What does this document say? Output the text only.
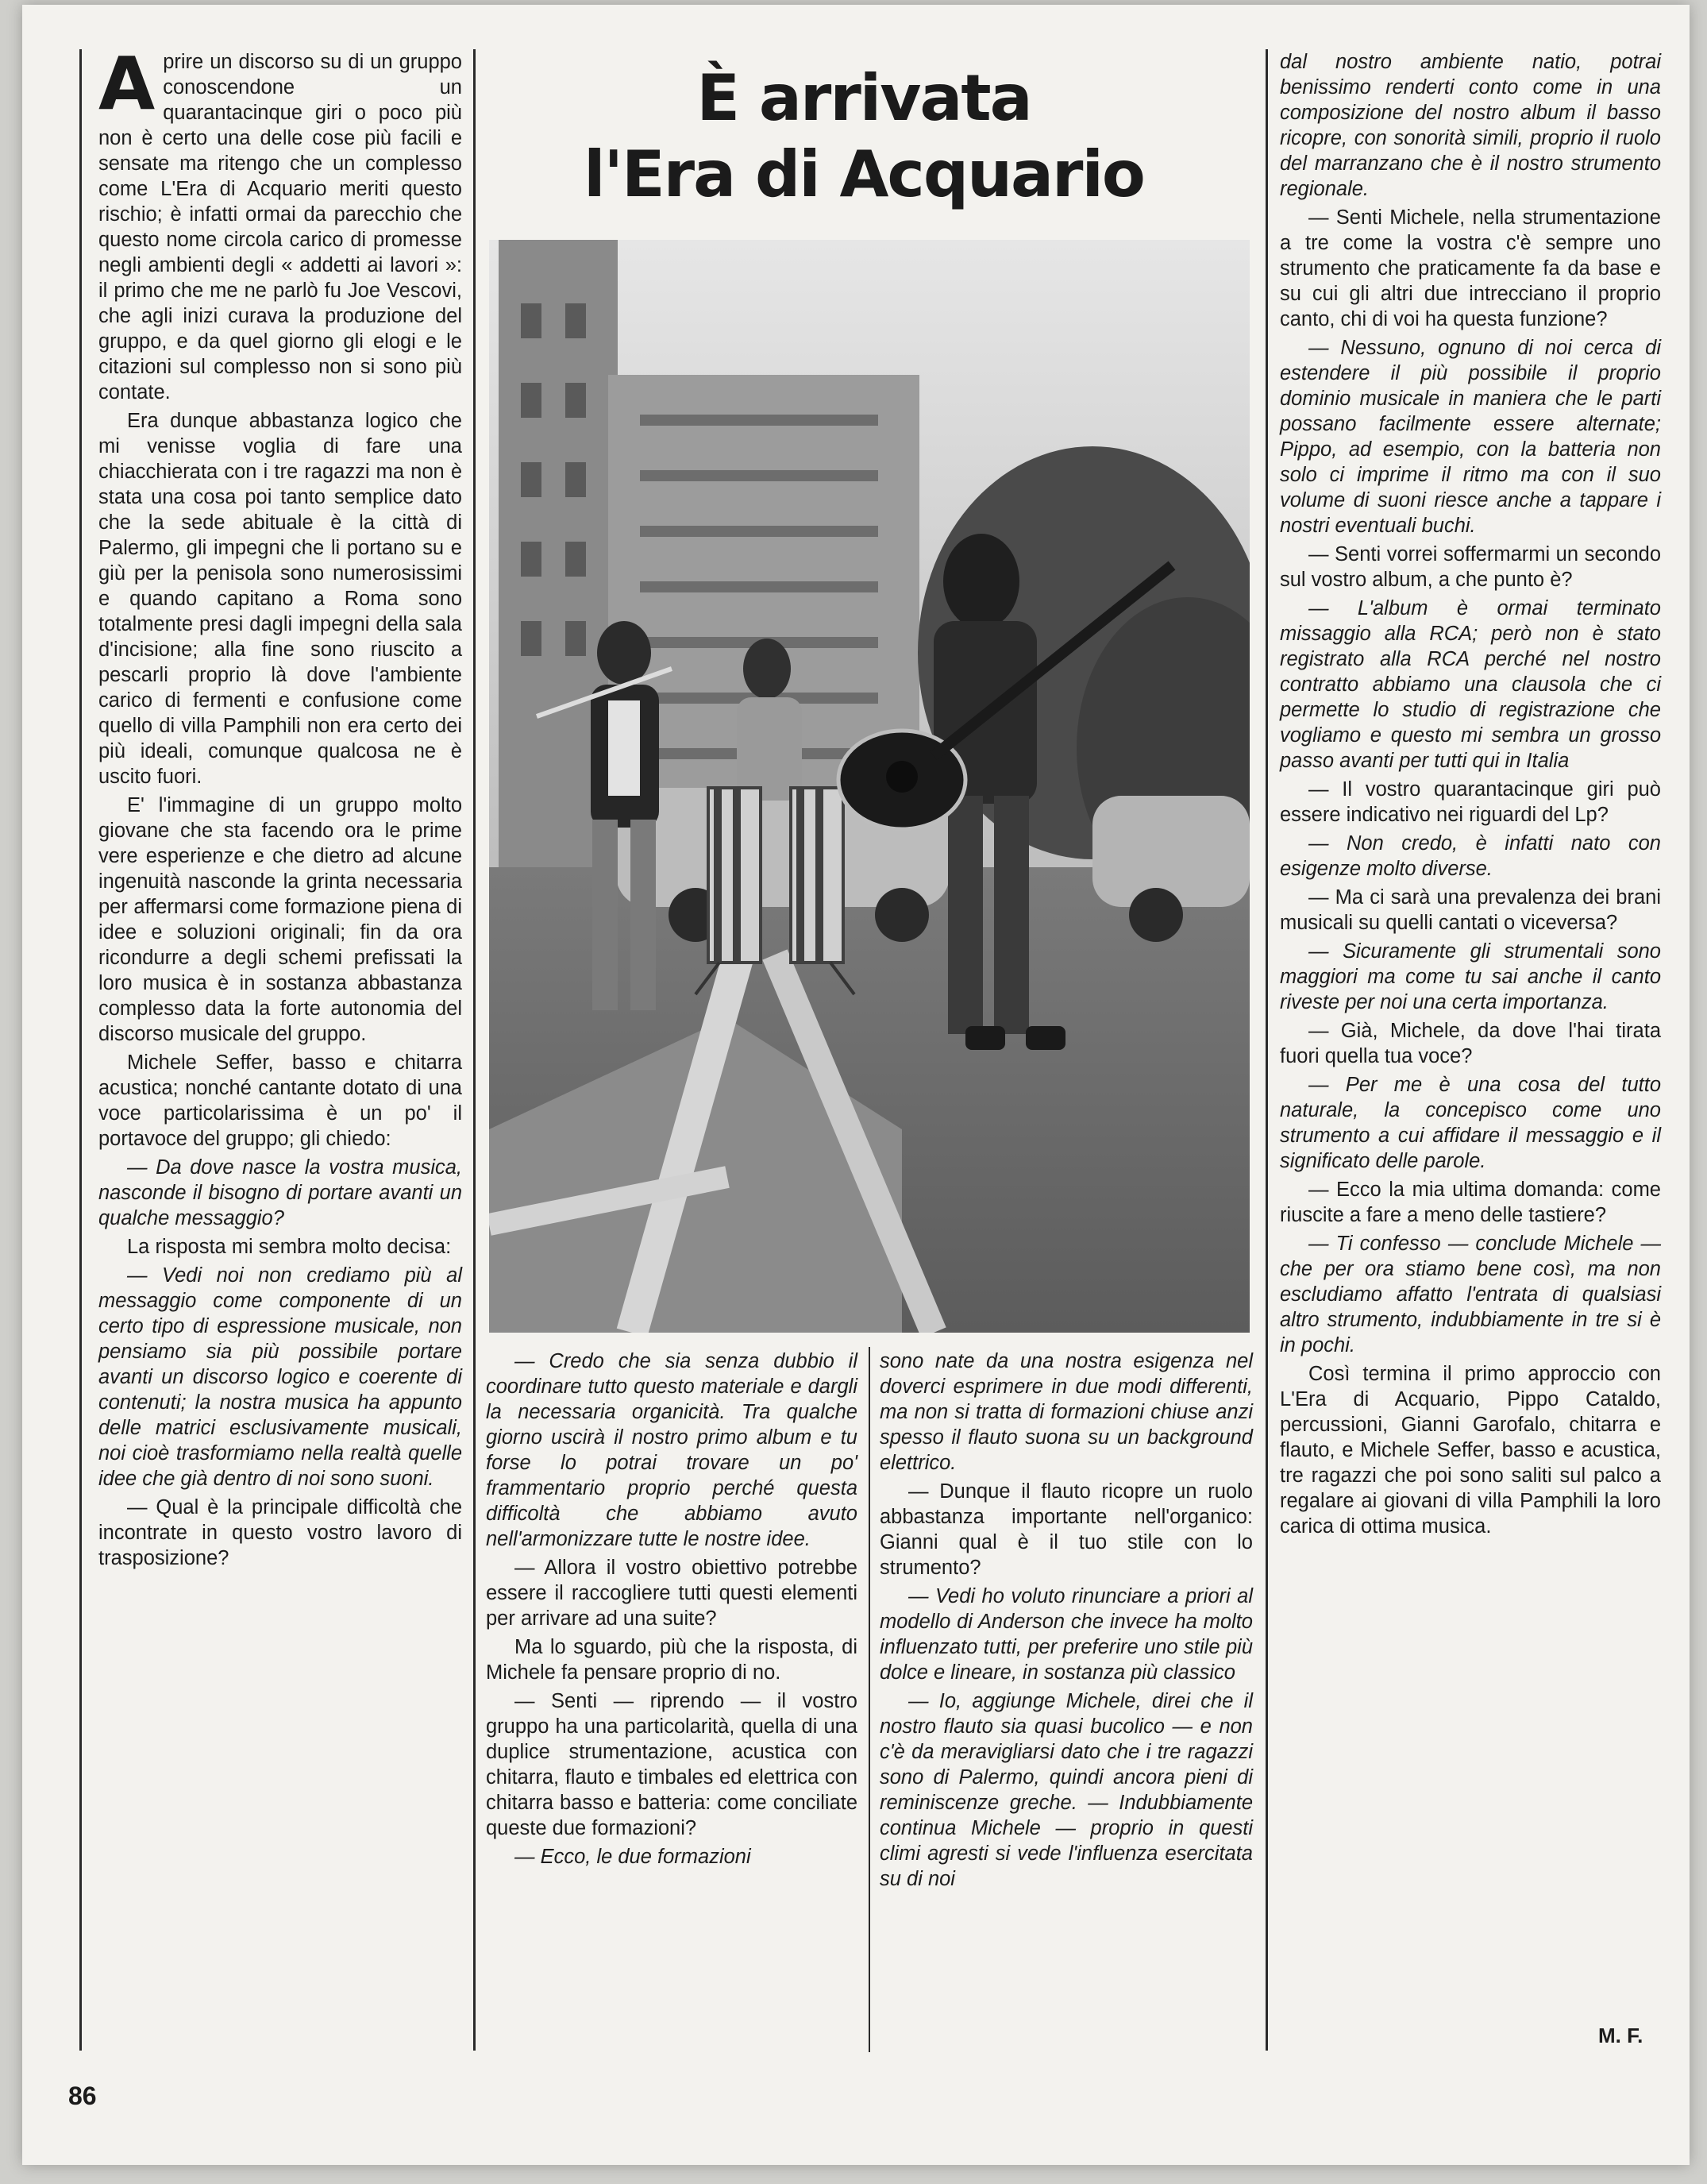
Aprire un discorso su di un gruppo conoscendone un quarantacinque giri o poco più non è certo una delle cose più facili e sensate ma ritengo che un complesso come L'Era di Acquario meriti questo rischio; è infatti ormai da parecchio che questo nome circola carico di promesse negli ambienti degli « addetti ai lavori »: il primo che me ne parlò fu Joe Vescovi, che agli inizi curava la produzione del gruppo, e da quel giorno gli elogi e le citazioni sul complesso non si sono più contate.

Era dunque abbastanza logico che mi venisse voglia di fare una chiacchierata con i tre ragazzi ma non è stata una cosa poi tanto semplice dato che la sede abituale è la città di Palermo, gli impegni che li portano su e giù per la penisola sono numerosissimi e quando capitano a Roma sono totalmente presi dagli impegni della sala d'incisione; alla fine sono riuscito a pescarli proprio là dove l'ambiente carico di fermenti e confusione come quello di villa Pamphili non era certo dei più ideali, comunque qualcosa ne è uscito fuori.

E' l'immagine di un gruppo molto giovane che sta facendo ora le prime vere esperienze e che dietro ad alcune ingenuità nasconde la grinta necessaria per affermarsi come formazione piena di idee e soluzioni originali; fin da ora ricondurre a degli schemi prefissati la loro musica è in sostanza abbastanza complesso data la forte autonomia del discorso musicale del gruppo.

Michele Seffer, basso e chitarra acustica; nonché cantante dotato di una voce particolarissima è un po' il portavoce del gruppo; gli chiedo:

— Da dove nasce la vostra musica, nasconde il bisogno di portare avanti un qualche messaggio?

La risposta mi sembra molto decisa:

— Vedi noi non crediamo più al messaggio come componente di un certo tipo di espressione musicale, non pensiamo sia più possibile portare avanti un discorso logico e coerente di contenuti; la nostra musica ha appunto delle matrici esclusivamente musicali, noi cioè trasformiamo nella realtà quelle idee che già dentro di noi sono suoni.

— Qual è la principale difficoltà che incontrate in questo vostro lavoro di trasposizione?

È arrivata
l'Era di Acquario

— Credo che sia senza dubbio il coordinare tutto questo materiale e dargli la necessaria organicità. Tra qualche giorno uscirà il nostro primo album e tu forse lo potrai trovare un po' frammentario proprio perché questa difficoltà che abbiamo avuto nell'armonizzare tutte le nostre idee.

— Allora il vostro obiettivo potrebbe essere il raccogliere tutti questi elementi per arrivare ad una suite?

Ma lo sguardo, più che la risposta, di Michele fa pensare proprio di no.

— Senti — riprendo — il vostro gruppo ha una particolarità, quella di una duplice strumentazione, acustica con chitarra, flauto e timbales ed elettrica con chitarra basso e batteria: come conciliate queste due formazioni?

— Ecco, le due formazioni

sono nate da una nostra esigenza nel doverci esprimere in due modi differenti, ma non si tratta di formazioni chiuse anzi spesso il flauto suona su un background elettrico.

— Dunque il flauto ricopre un ruolo abbastanza importante nell'organico: Gianni qual è il tuo stile con lo strumento?

— Vedi ho voluto rinunciare a priori al modello di Anderson che invece ha molto influenzato tutti, per preferire uno stile più dolce e lineare, in sostanza più classico

— Io, aggiunge Michele, direi che il nostro flauto sia quasi bucolico — e non c'è da meravigliarsi dato che i tre ragazzi sono di Palermo, quindi ancora pieni di reminiscenze greche. — Indubbiamente continua Michele — proprio in questi climi agresti si vede l'influenza esercitata su di noi

dal nostro ambiente natio, potrai benissimo renderti conto come in una composizione del nostro album il basso ricopre, con sonorità simili, proprio il ruolo del marranzano che è il nostro strumento regionale.

— Senti Michele, nella strumentazione a tre come la vostra c'è sempre uno strumento che praticamente fa da base e su cui gli altri due intrecciano il proprio canto, chi di voi ha questa funzione?

— Nessuno, ognuno di noi cerca di estendere il più possibile il proprio dominio musicale in maniera che le parti possano facilmente essere alternate; Pippo, ad esempio, con la batteria non solo ci imprime il ritmo ma con il suo volume di suoni riesce anche a tappare i nostri eventuali buchi.

— Senti vorrei soffermarmi un secondo sul vostro album, a che punto è?

— L'album è ormai terminato missaggio alla RCA; però non è stato registrato alla RCA perché nel nostro contratto abbiamo una clausola che ci permette lo studio di registrazione che vogliamo e questo mi sembra un grosso passo avanti per tutti qui in Italia

— Il vostro quarantacinque giri può essere indicativo nei riguardi del Lp?

— Non credo, è infatti nato con esigenze molto diverse.

— Ma ci sarà una prevalenza dei brani musicali su quelli cantati o viceversa?

— Sicuramente gli strumentali sono maggiori ma come tu sai anche il canto riveste per noi una certa importanza.

— Già, Michele, da dove l'hai tirata fuori quella tua voce?

— Per me è una cosa del tutto naturale, la concepisco come uno strumento a cui affidare il messaggio e il significato delle parole.

— Ecco la mia ultima domanda: come riuscite a fare a meno delle tastiere?

— Ti confesso — conclude Michele — che per ora stiamo bene così, ma non escludiamo affatto l'entrata di qualsiasi altro strumento, indubbiamente in tre si è in pochi.

Così termina il primo approccio con L'Era di Acquario, Pippo Cataldo, percussioni, Gianni Garofalo, chitarra e flauto, e Michele Seffer, basso e acustica, tre ragazzi che poi sono saliti sul palco a regalare ai giovani di villa Pamphili la loro carica di ottima musica.

M. F.
86
